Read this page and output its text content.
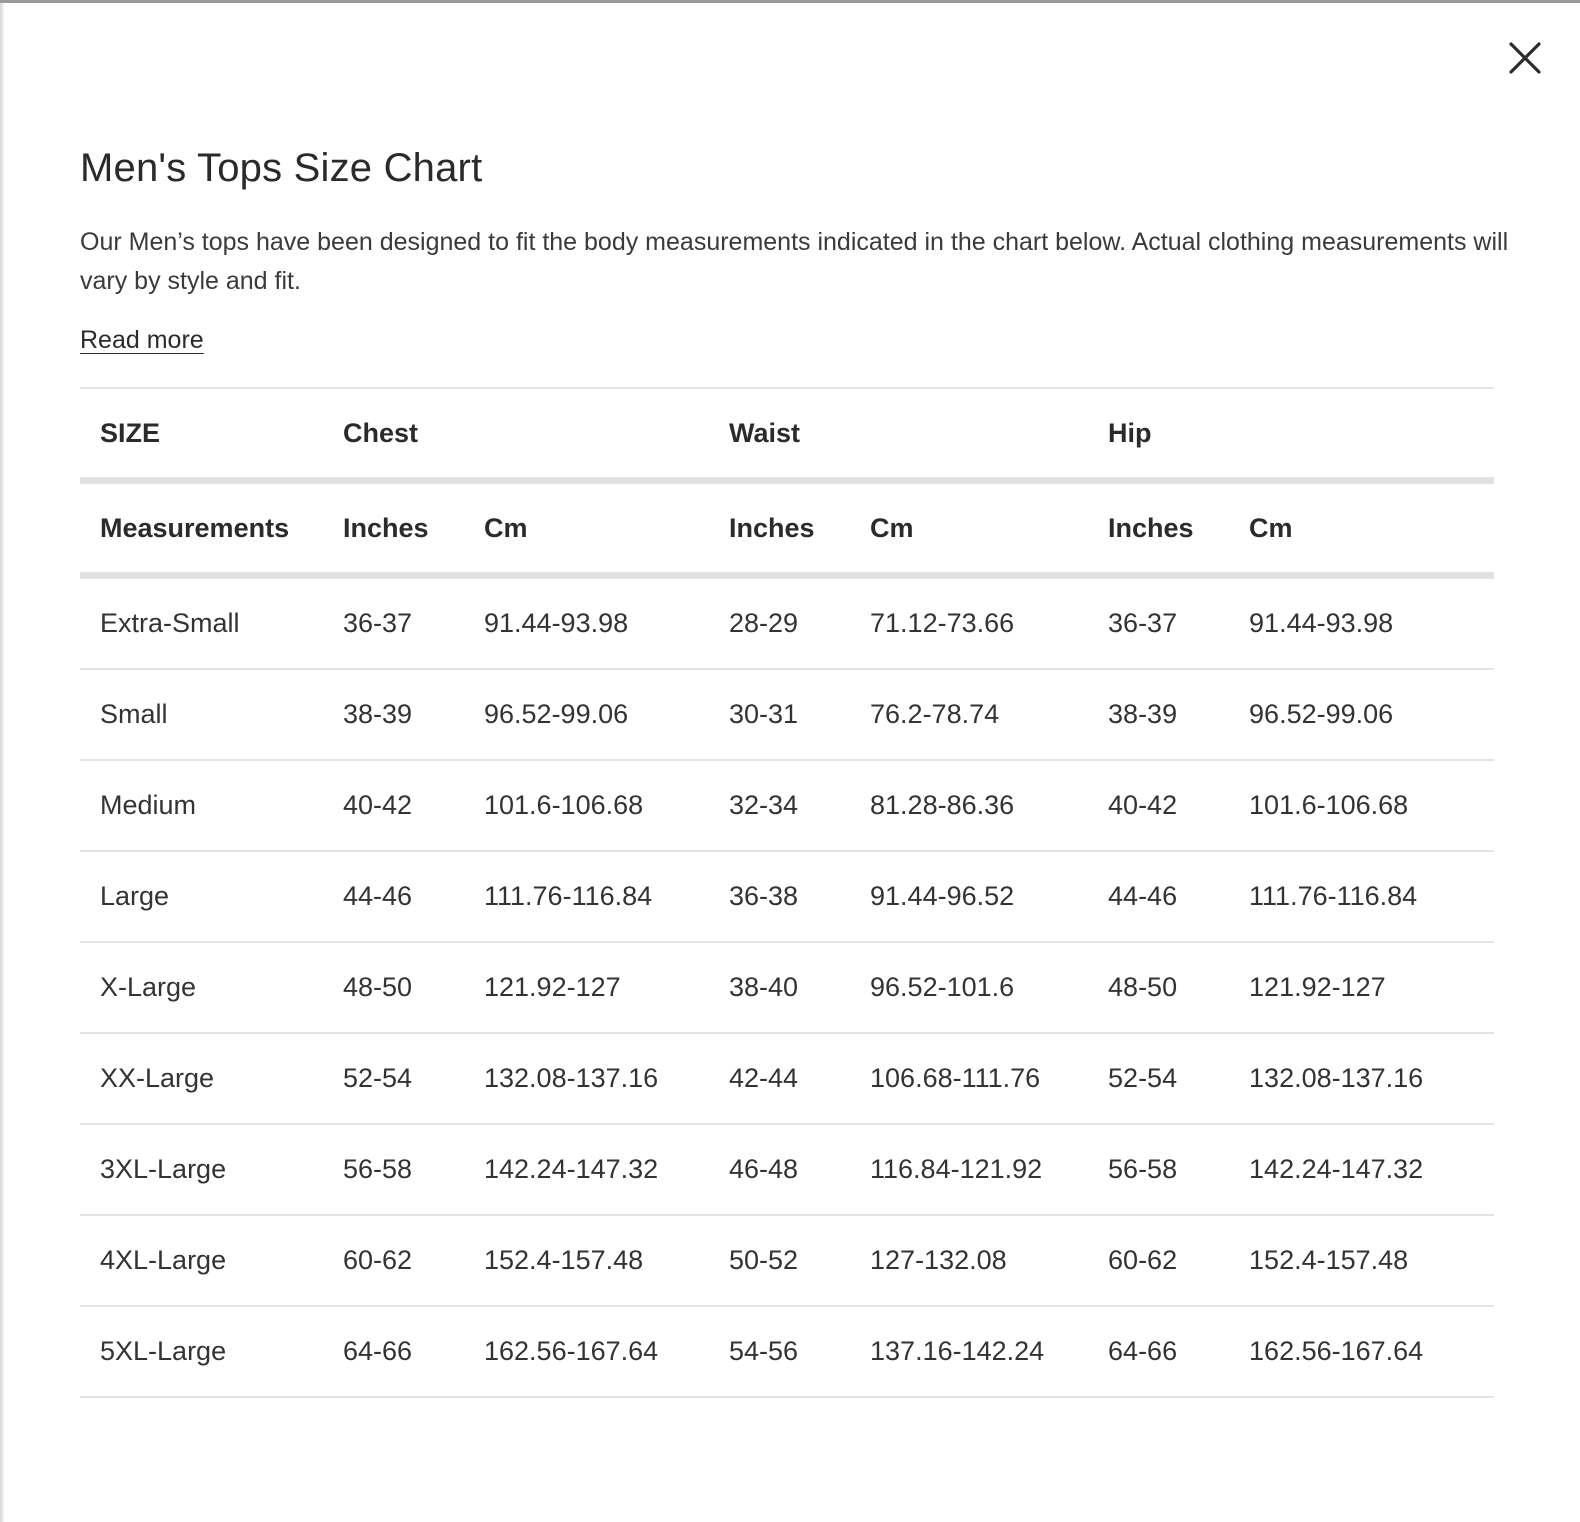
Men's Tops Size Chart

Our Men’s tops have been designed to fit the body measurements indicated in the chart below. Actual clothing measurements will vary by style and fit.

Read more
SIZE	Chest		Waist		Hip	
Measurements	Inches	Cm	Inches	Cm	Inches	Cm
Extra-Small	36-37	91.44-93.98	28-29	71.12-73.66	36-37	91.44-93.98
Small	38-39	96.52-99.06	30-31	76.2-78.74	38-39	96.52-99.06
Medium	40-42	101.6-106.68	32-34	81.28-86.36	40-42	101.6-106.68
Large	44-46	111.76-116.84	36-38	91.44-96.52	44-46	111.76-116.84
X-Large	48-50	121.92-127	38-40	96.52-101.6	48-50	121.92-127
XX-Large	52-54	132.08-137.16	42-44	106.68-111.76	52-54	132.08-137.16
3XL-Large	56-58	142.24-147.32	46-48	116.84-121.92	56-58	142.24-147.32
4XL-Large	60-62	152.4-157.48	50-52	127-132.08	60-62	152.4-157.48
5XL-Large	64-66	162.56-167.64	54-56	137.16-142.24	64-66	162.56-167.64
